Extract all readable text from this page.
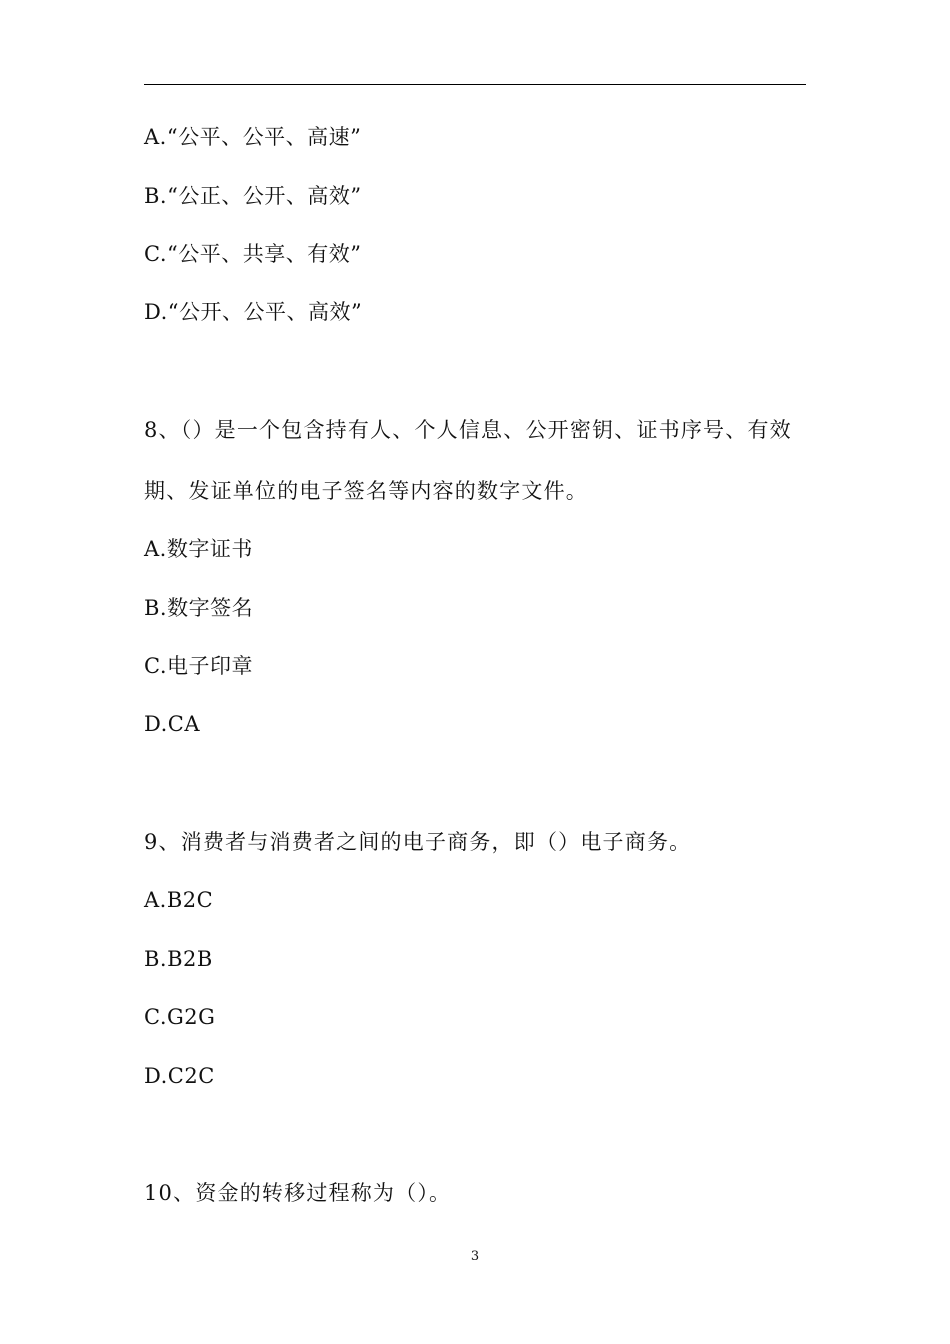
A.“公平、公平、高速”
B.“公正、公开、高效”
C.“公平、共享、有效”
D.“公开、公平、高效”
8、（）是一个包含持有人、个人信息、公开密钥、证书序号、有效
期、发证单位的电子签名等内容的数字文件。
A.数字证书
B.数字签名
C.电子印章
D.CA
9、消费者与消费者之间的电子商务，即（）电子商务。
A.B2C
B.B2B
C.G2G
D.C2C
10、资金的转移过程称为（）。
3
